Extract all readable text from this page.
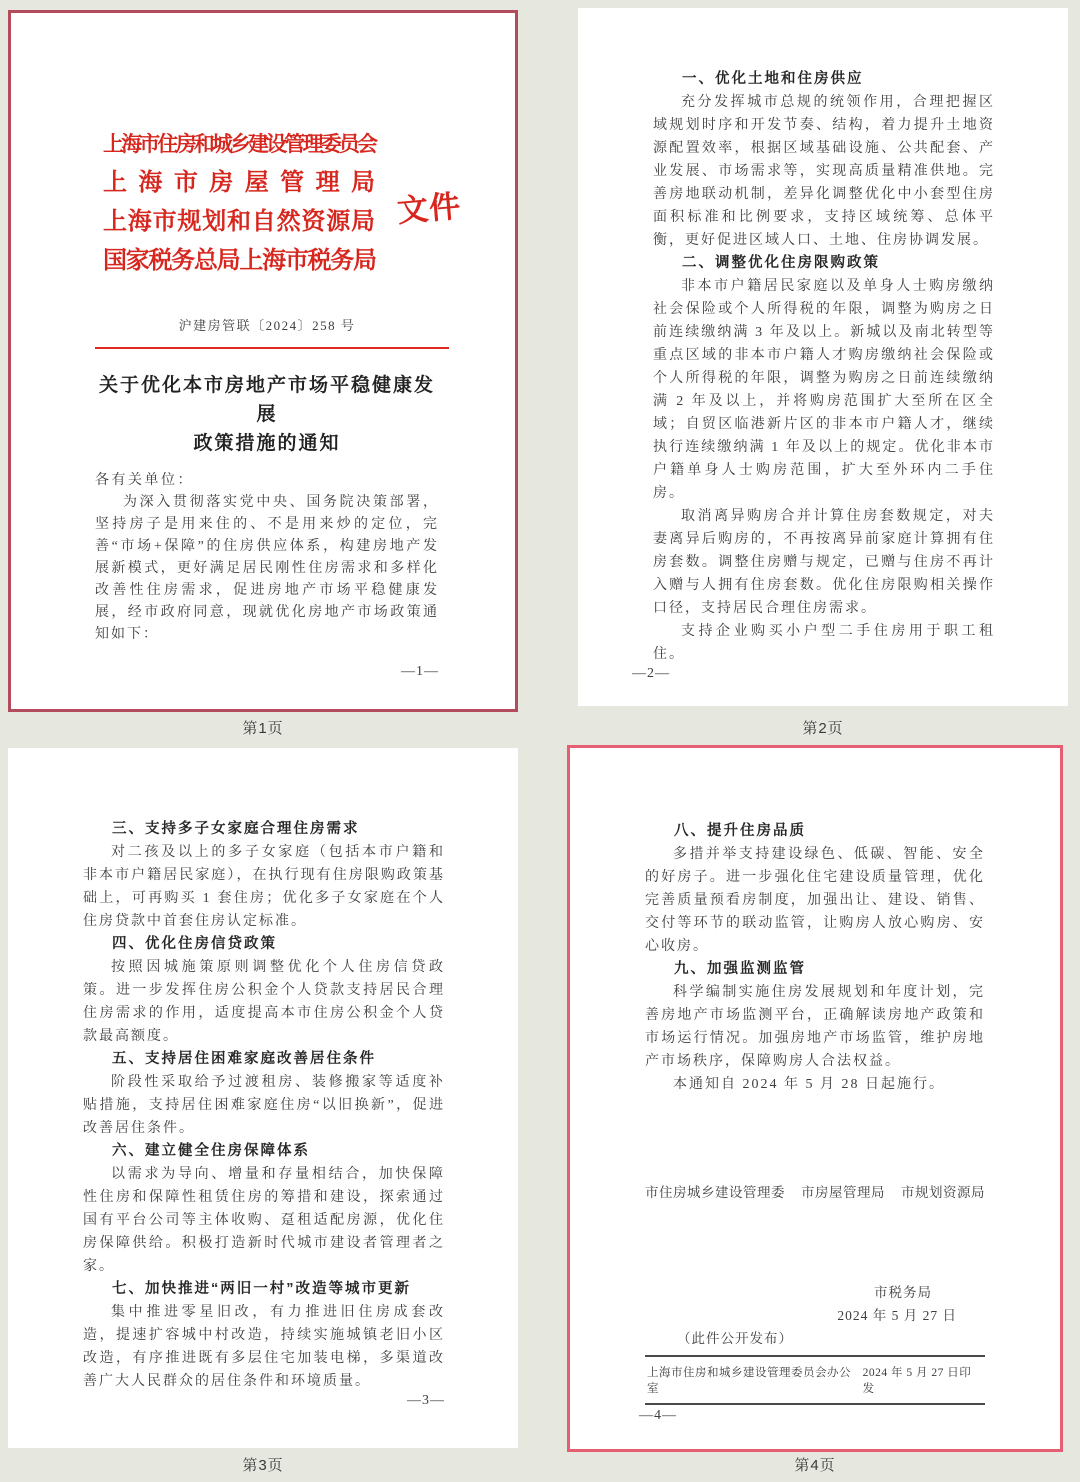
上海市住房和城乡建设管理委员会
上海市房屋管理局
上海市规划和自然资源局
国家税务总局上海市税务局
文件
沪建房管联〔2024〕258 号
关于优化本市房地产市场平稳健康发展
政策措施的通知
各有关单位：

为深入贯彻落实党中央、国务院决策部署，坚持房子是用来住的、不是用来炒的定位，完善“市场+保障”的住房供应体系，构建房地产发展新模式，更好满足居民刚性住房需求和多样化改善性住房需求，促进房地产市场平稳健康发展，经市政府同意，现就优化房地产市场政策通知如下：

—1—
第1页

一、优化土地和住房供应

充分发挥城市总规的统领作用，合理把握区域规划时序和开发节奏、结构，着力提升土地资源配置效率，根据区域基础设施、公共配套、产业发展、市场需求等，实现高质量精准供地。完善房地联动机制，差异化调整优化中小套型住房面积标准和比例要求，支持区域统筹、总体平衡，更好促进区域人口、土地、住房协调发展。

二、调整优化住房限购政策

非本市户籍居民家庭以及单身人士购房缴纳社会保险或个人所得税的年限，调整为购房之日前连续缴纳满 3 年及以上。新城以及南北转型等重点区域的非本市户籍人才购房缴纳社会保险或个人所得税的年限，调整为购房之日前连续缴纳满 2 年及以上，并将购房范围扩大至所在区全域；自贸区临港新片区的非本市户籍人才，继续执行连续缴纳满 1 年及以上的规定。优化非本市户籍单身人士购房范围，扩大至外环内二手住房。

取消离异购房合并计算住房套数规定，对夫妻离异后购房的，不再按离异前家庭计算拥有住房套数。调整住房赠与规定，已赠与住房不再计入赠与人拥有住房套数。优化住房限购相关操作口径，支持居民合理住房需求。

支持企业购买小户型二手住房用于职工租住。

—2—
第2页

三、支持多子女家庭合理住房需求

对二孩及以上的多子女家庭（包括本市户籍和非本市户籍居民家庭），在执行现有住房限购政策基础上，可再购买 1 套住房；优化多子女家庭在个人住房贷款中首套住房认定标准。

四、优化住房信贷政策

按照因城施策原则调整优化个人住房信贷政策。进一步发挥住房公积金个人贷款支持居民合理住房需求的作用，适度提高本市住房公积金个人贷款最高额度。

五、支持居住困难家庭改善居住条件

阶段性采取给予过渡租房、装修搬家等适度补贴措施，支持居住困难家庭住房“以旧换新”，促进改善居住条件。

六、建立健全住房保障体系

以需求为导向、增量和存量相结合，加快保障性住房和保障性租赁住房的筹措和建设，探索通过国有平台公司等主体收购、趸租适配房源，优化住房保障供给。积极打造新时代城市建设者管理者之家。

七、加快推进“两旧一村”改造等城市更新

集中推进零星旧改，有力推进旧住房成套改造，提速扩容城中村改造，持续实施城镇老旧小区改造，有序推进既有多层住宅加装电梯，多渠道改善广大人民群众的居住条件和环境质量。

—3—
第3页

八、提升住房品质

多措并举支持建设绿色、低碳、智能、安全的好房子。进一步强化住宅建设质量管理，优化完善质量预看房制度，加强出让、建设、销售、交付等环节的联动监管，让购房人放心购房、安心收房。

九、加强监测监管

科学编制实施住房发展规划和年度计划，完善房地产市场监测平台，正确解读房地产政策和市场运行情况。加强房地产市场监管，维护房地产市场秩序，保障购房人合法权益。

本通知自 2024 年 5 月 28 日起施行。

市住房城乡建设管理委 市房屋管理局 市规划资源局
市税务局
2024 年 5 月 27 日
（此件公开发布）
上海市住房和城乡建设管理委员会办公室
2024 年 5 月 27 日印发
—4—
第4页
